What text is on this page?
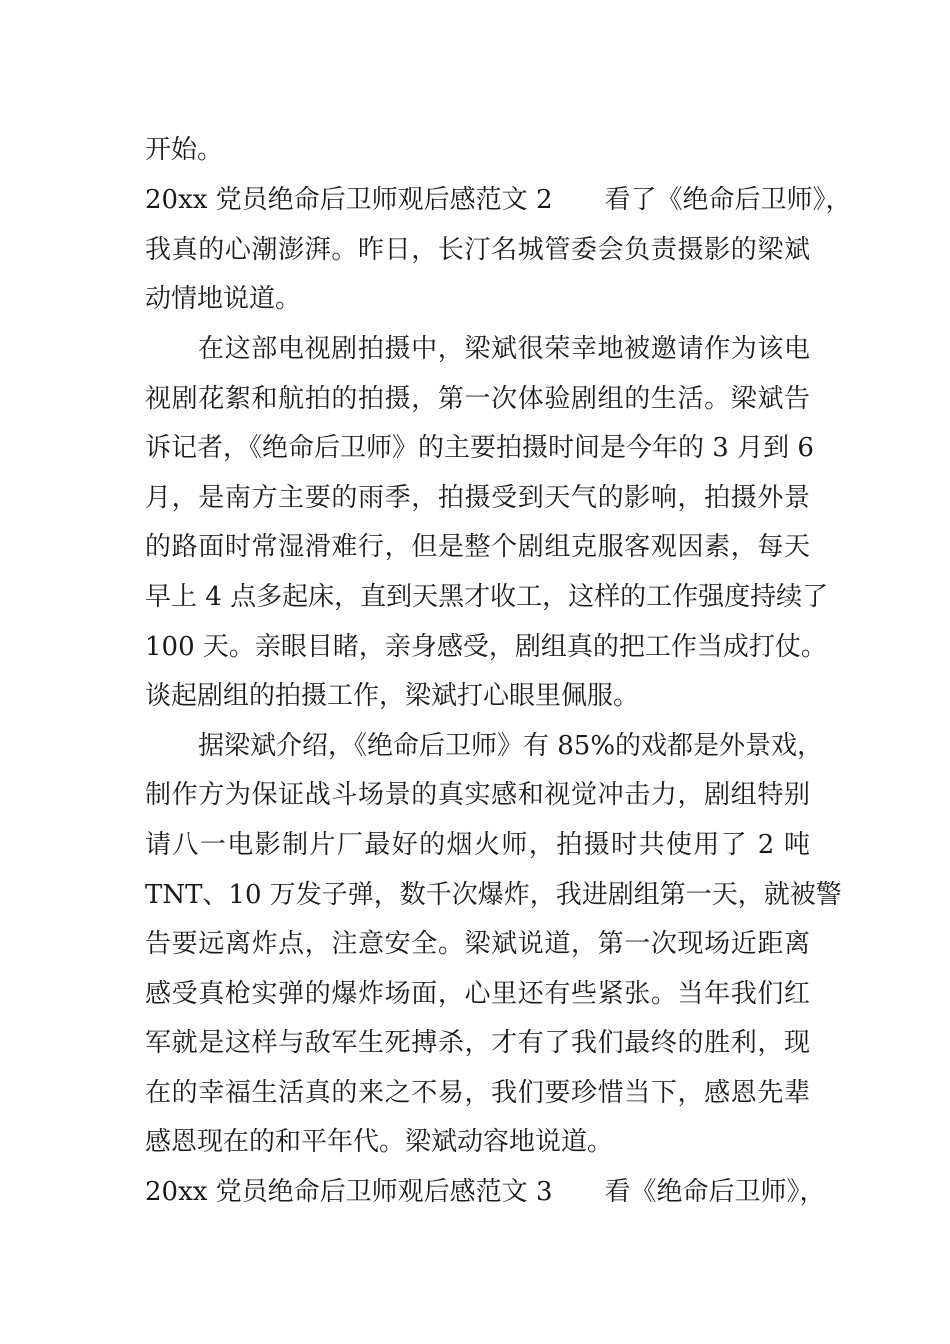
开始。
20xx 党员绝命后卫师观后感范文 2　　看了《绝命后卫师》，
我真的心潮澎湃。昨日，长汀名城管委会负责摄影的梁斌
动情地说道。
在这部电视剧拍摄中，梁斌很荣幸地被邀请作为该电
视剧花絮和航拍的拍摄，第一次体验剧组的生活。梁斌告
诉记者，《绝命后卫师》的主要拍摄时间是今年的 3 月到 6
月，是南方主要的雨季，拍摄受到天气的影响，拍摄外景
的路面时常湿滑难行，但是整个剧组克服客观因素，每天
早上 4 点多起床，直到天黑才收工，这样的工作强度持续了
100 天。亲眼目睹，亲身感受，剧组真的把工作当成打仗。
谈起剧组的拍摄工作，梁斌打心眼里佩服。
据梁斌介绍，《绝命后卫师》有 85%的戏都是外景戏，
制作方为保证战斗场景的真实感和视觉冲击力，剧组特别
请八一电影制片厂最好的烟火师，拍摄时共使用了 2 吨
TNT、10 万发子弹，数千次爆炸，我进剧组第一天，就被警
告要远离炸点，注意安全。梁斌说道，第一次现场近距离
感受真枪实弹的爆炸场面，心里还有些紧张。当年我们红
军就是这样与敌军生死搏杀，才有了我们最终的胜利，现
在的幸福生活真的来之不易，我们要珍惜当下，感恩先辈
感恩现在的和平年代。梁斌动容地说道。
20xx 党员绝命后卫师观后感范文 3　　看《绝命后卫师》，
